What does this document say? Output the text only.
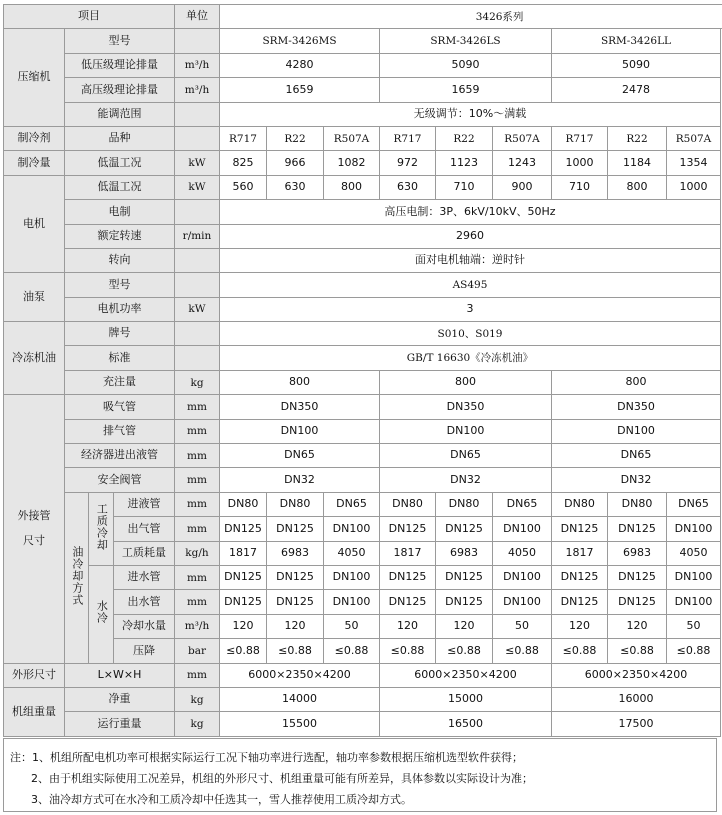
项目				单位	3426系列								
压缩机	型号				SRM-3426MS			SRM-3426LS			SRM-3426LL		
	低压级理论排量			m³/h	4280			5090			5090		
	高压级理论排量			m³/h	1659			1659			2478		
	能调范围				无级调节：10%～满载								
制冷剂	品种				R717	R22	R507A	R717	R22	R507A	R717	R22	R507A
制冷量	低温工况			kW	825	966	1082	972	1123	1243	1000	1184	1354
电机	低温工况			kW	560	630	800	630	710	900	710	800	1000
	电制				高压电制：3P、6kV/10kV、50Hz								
	额定转速			r/min	2960								
	转向				面对电机轴端：逆时针								
油泵	型号				AS495								
	电机功率			kW	3								
冷冻机油	牌号				S010、S019								
	标准				GB/T 16630《冷冻机油》								
	充注量			kg	800			800			800		

外接管
尺寸	吸气管			mm	DN350			DN350			DN350		
	排气管			mm	DN100			DN100			DN100		
	经济器进出液管			mm	DN65			DN65			DN65		
	安全阀管			mm	DN32			DN32			DN32		
	油冷却方式	工质冷却	进液管	mm	DN80	DN80	DN65	DN80	DN80	DN65	DN80	DN80	DN65
			出气管	mm	DN125	DN125	DN100	DN125	DN125	DN100	DN125	DN125	DN100
			工质耗量	kg/h	1817	6983	4050	1817	6983	4050	1817	6983	4050
		水冷	进水管	mm	DN125	DN125	DN100	DN125	DN125	DN100	DN125	DN125	DN100
			出水管	mm	DN125	DN125	DN100	DN125	DN125	DN100	DN125	DN125	DN100
			冷却水量	m³/h	120	120	50	120	120	50	120	120	50
			压降	bar	≤0.88	≤0.88	≤0.88	≤0.88	≤0.88	≤0.88	≤0.88	≤0.88	≤0.88
外形尺寸	L×W×H			mm	6000×2350×4200			6000×2350×4200			6000×2350×4200		
机组重量	净重			kg	14000			15000			16000		
	运行重量			kg	15500			16500			17500		
注：1、机组所配电机功率可根据实际运行工况下轴功率进行选配，轴功率参数根据压缩机选型软件获得；
2、由于机组实际使用工况差异，机组的外形尺寸、机组重量可能有所差异，具体参数以实际设计为准；
3、油冷却方式可在水冷和工质冷却中任选其一，雪人推荐使用工质冷却方式。
